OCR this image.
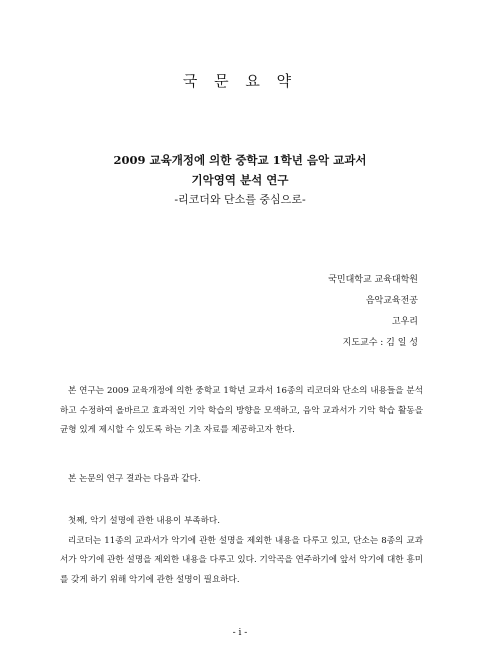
국 문 요 약
2009 교육개정에 의한 중학교 1학년 음악 교과서
기악영역 분석 연구
-리코더와 단소를 중심으로-
국민대학교 교육대학원
음악교육전공
고우리
지도교수 : 김 일 성
본 연구는 2009 교육개정에 의한 중학교 1학년 교과서 16종의 리코더와 단소의 내용들을 분석하고 수정하여 올바르고 효과적인 기악 학습의 방향을 모색하고, 음악 교과서가 기악 학습 활동을 균형 있게 제시할 수 있도록 하는 기초 자료를 제공하고자 한다.
본 논문의 연구 결과는 다음과 같다.
첫째, 악기 설명에 관한 내용이 부족하다.
리코더는 11종의 교과서가 악기에 관한 설명을 제외한 내용을 다루고 있고, 단소는 8종의 교과서가 악기에 관한 설명을 제외한 내용을 다루고 있다. 기악곡을 연주하기에 앞서 악기에 대한 흥미를 갖게 하기 위해 악기에 관한 설명이 필요하다.
- i -
